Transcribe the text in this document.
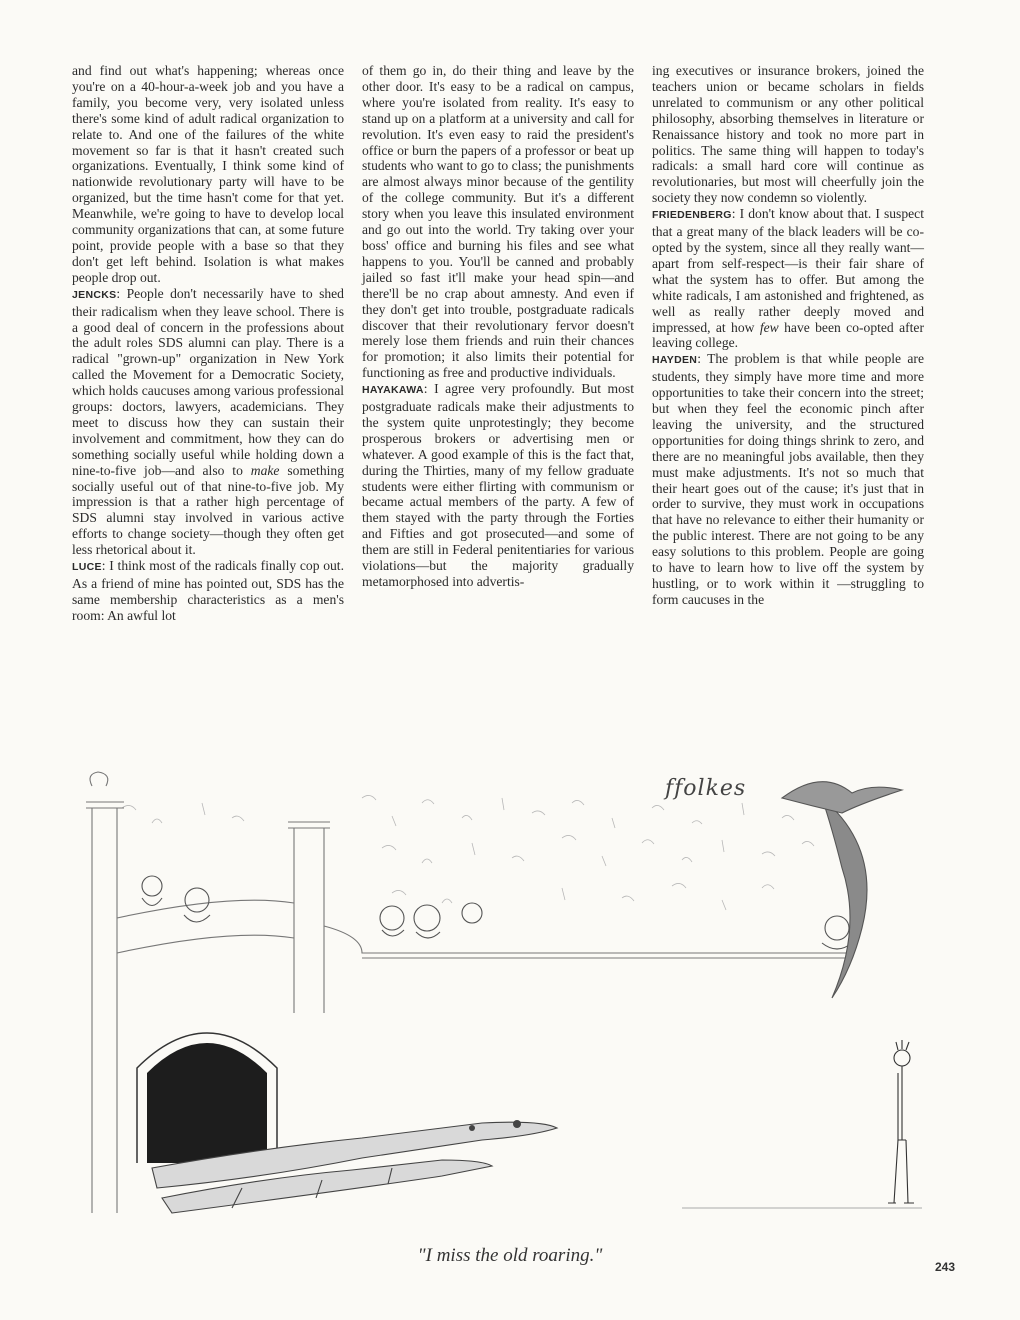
and find out what's happening; whereas once you're on a 40-hour-a-week job and you have a family, you become very, very isolated unless there's some kind of adult radical organization to relate to. And one of the failures of the white movement so far is that it hasn't created such organizations. Eventually, I think some kind of nationwide revolutionary party will have to be organized, but the time hasn't come for that yet. Meanwhile, we're going to have to develop local community organizations that can, at some future point, provide people with a base so that they don't get left behind. Isolation is what makes people drop out.

JENCKS: People don't necessarily have to shed their radicalism when they leave school. There is a good deal of concern in the professions about the adult roles SDS alumni can play. There is a radical "grown-up" organization in New York called the Movement for a Democratic Society, which holds caucuses among various professional groups: doctors, lawyers, academicians. They meet to discuss how they can sustain their involvement and commitment, how they can do something socially useful while holding down a nine-to-five job—and also to make something socially useful out of that nine-to-five job. My impression is that a rather high percentage of SDS alumni stay involved in various active efforts to change society—though they often get less rhetorical about it.

LUCE: I think most of the radicals finally cop out. As a friend of mine has pointed out, SDS has the same membership characteristics as a men's room: An awful lot

of them go in, do their thing and leave by the other door. It's easy to be a radical on campus, where you're isolated from reality. It's easy to stand up on a platform at a university and call for revolution. It's even easy to raid the president's office or burn the papers of a professor or beat up students who want to go to class; the punishments are almost always minor because of the gentility of the college community. But it's a different story when you leave this insulated environment and go out into the world. Try taking over your boss' office and burning his files and see what happens to you. You'll be canned and probably jailed so fast it'll make your head spin—and there'll be no crap about amnesty. And even if they don't get into trouble, postgraduate radicals discover that their revolutionary fervor doesn't merely lose them friends and ruin their chances for promotion; it also limits their potential for functioning as free and productive individuals.

HAYAKAWA: I agree very profoundly. But most postgraduate radicals make their adjustments to the system quite unprotestingly; they become prosperous brokers or advertising men or whatever. A good example of this is the fact that, during the Thirties, many of my fellow graduate students were either flirting with communism or became actual members of the party. A few of them stayed with the party through the Forties and Fifties and got prosecuted—and some of them are still in Federal penitentiaries for various violations—but the majority gradually metamorphosed into advertis-

ing executives or insurance brokers, joined the teachers union or became scholars in fields unrelated to communism or any other political philosophy, absorbing themselves in literature or Renaissance history and took no more part in politics. The same thing will happen to today's radicals: a small hard core will continue as revolutionaries, but most will cheerfully join the society they now condemn so violently.

FRIEDENBERG: I don't know about that. I suspect that a great many of the black leaders will be co-opted by the system, since all they really want—apart from self-respect—is their fair share of what the system has to offer. But among the white radicals, I am astonished and frightened, as well as really rather deeply moved and impressed, at how few have been co-opted after leaving college.

HAYDEN: The problem is that while people are students, they simply have more time and more opportunities to take their concern into the street; but when they feel the economic pinch after leaving the university, and the structured opportunities for doing things shrink to zero, and there are no meaningful jobs available, then they must make adjustments. It's not so much that their heart goes out of the cause; it's just that in order to survive, they must work in occupations that have no relevance to either their humanity or the public interest. There are not going to be any easy solutions to this problem. People are going to have to learn how to live off the system by hustling, or to work within it —struggling to form caucuses in the

ffolkes
"I miss the old roaring."
243
